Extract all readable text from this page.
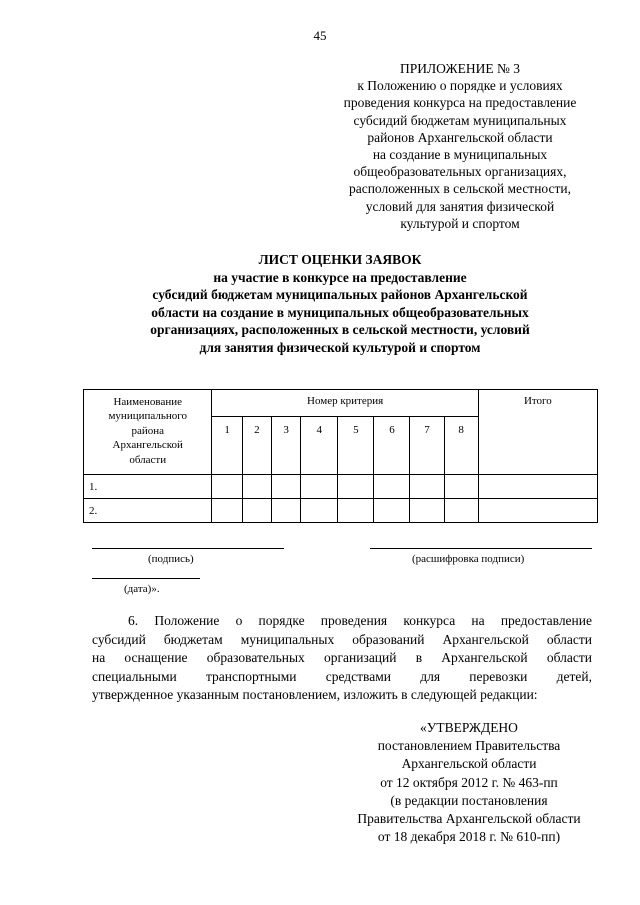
45
ПРИЛОЖЕНИЕ № 3
к Положению о порядке и условиях
проведения конкурса на предоставление
субсидий бюджетам муниципальных
районов Архангельской области
на создание в муниципальных
общеобразовательных организациях,
расположенных в сельской местности,
условий для занятия физической
культурой и спортом
ЛИСТ ОЦЕНКИ ЗАЯВОК
на участие в конкурсе на предоставление
субсидий бюджетам муниципальных районов Архангельской
области на создание в муниципальных общеобразовательных
организациях, расположенных в сельской местности, условий
для занятия физической культурой и спортом
Наименование
муниципального
района
Архангельской
области	Номер критерия								Итого
	1	2	3	4	5	6	7	8	
1.									
2.									
(подпись)	(расшифровка подписи)
(дата)».
6. Положение о порядке проведения конкурса на предоставление
субсидий бюджетам муниципальных образований Архангельской области
на оснащение образовательных организаций в Архангельской области
специальными транспортными средствами для перевозки детей,
утвержденное указанным постановлением, изложить в следующей редакции:
«УТВЕРЖДЕНО
постановлением Правительства
Архангельской области
от 12 октября 2012 г. № 463-пп
(в редакции постановления
Правительства Архангельской области
от 18 декабря 2018 г. № 610-пп)
